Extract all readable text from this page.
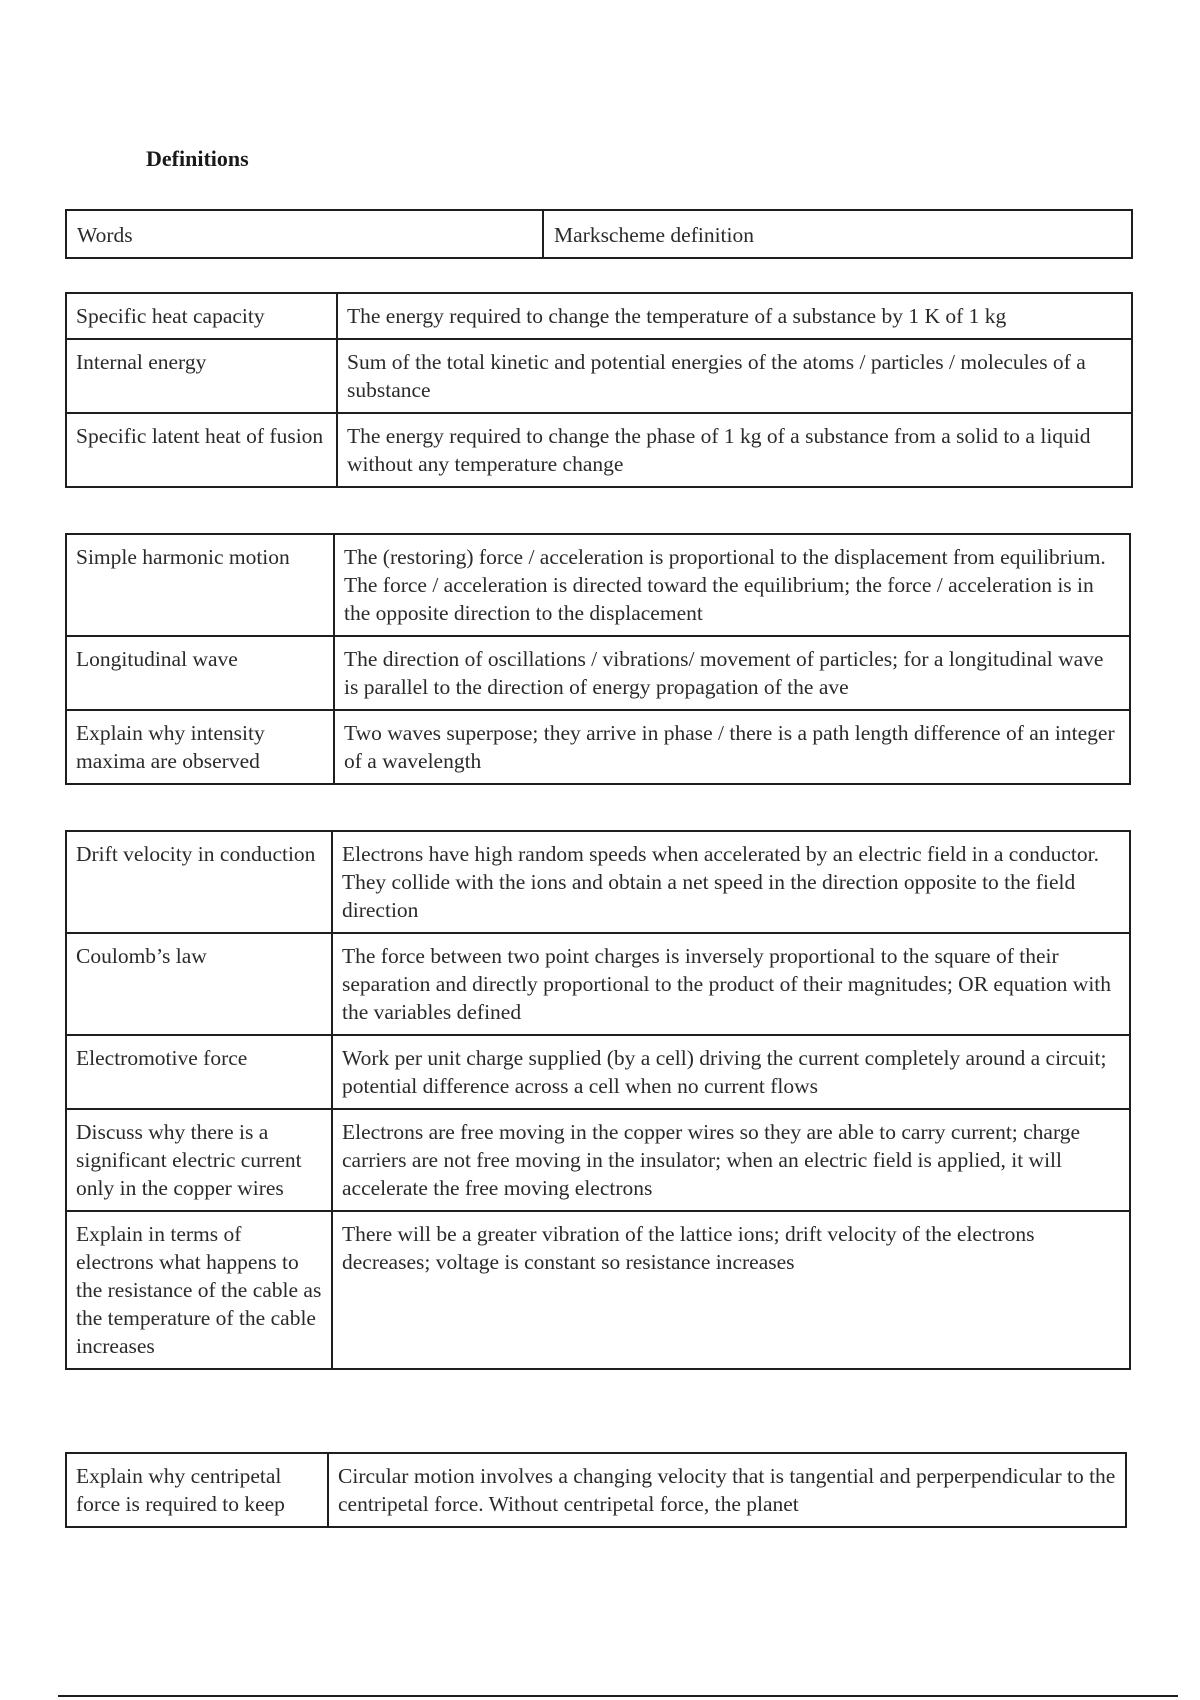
Definitions
Words	Markscheme definition
Specific heat capacity	The energy required to change the temperature of a substance by 1 K of 1 kg
Internal energy	Sum of the total kinetic and potential energies of the atoms / particles / molecules of a substance
Specific latent heat of fusion	The energy required to change the phase of 1 kg of a substance from a solid to a liquid without any temperature change
Simple harmonic motion	The (restoring) force / acceleration is proportional to the displacement from equilibrium. The force / acceleration is directed toward the equilibrium; the force / acceleration is in the opposite direction to the displacement
Longitudinal wave	The direction of oscillations / vibrations/ movement of particles; for a longitudinal wave is parallel to the direction of energy propagation of the ave
Explain why intensity maxima are observed	Two waves superpose; they arrive in phase / there is a path length difference of an integer of a wavelength
Drift velocity in conduction	Electrons have high random speeds when accelerated by an electric field in a conductor. They collide with the ions and obtain a net speed in the direction opposite to the field direction
Coulomb’s law	The force between two point charges is inversely proportional to the square of their separation and directly proportional to the product of their magnitudes; OR equation with the variables defined
Electromotive force	Work per unit charge supplied (by a cell) driving the current completely around a circuit; potential difference across a cell when no current flows
Discuss why there is a significant electric current only in the copper wires	Electrons are free moving in the copper wires so they are able to carry current; charge carriers are not free moving in the insulator; when an electric field is applied, it will accelerate the free moving electrons
Explain in terms of electrons what happens to the resistance of the cable as the temperature of the cable increases	There will be a greater vibration of the lattice ions; drift velocity of the electrons decreases; voltage is constant so resistance increases
Explain why centripetal force is required to keep	Circular motion involves a changing velocity that is tangential and perperpendicular to the centripetal force. Without centripetal force, the planet
